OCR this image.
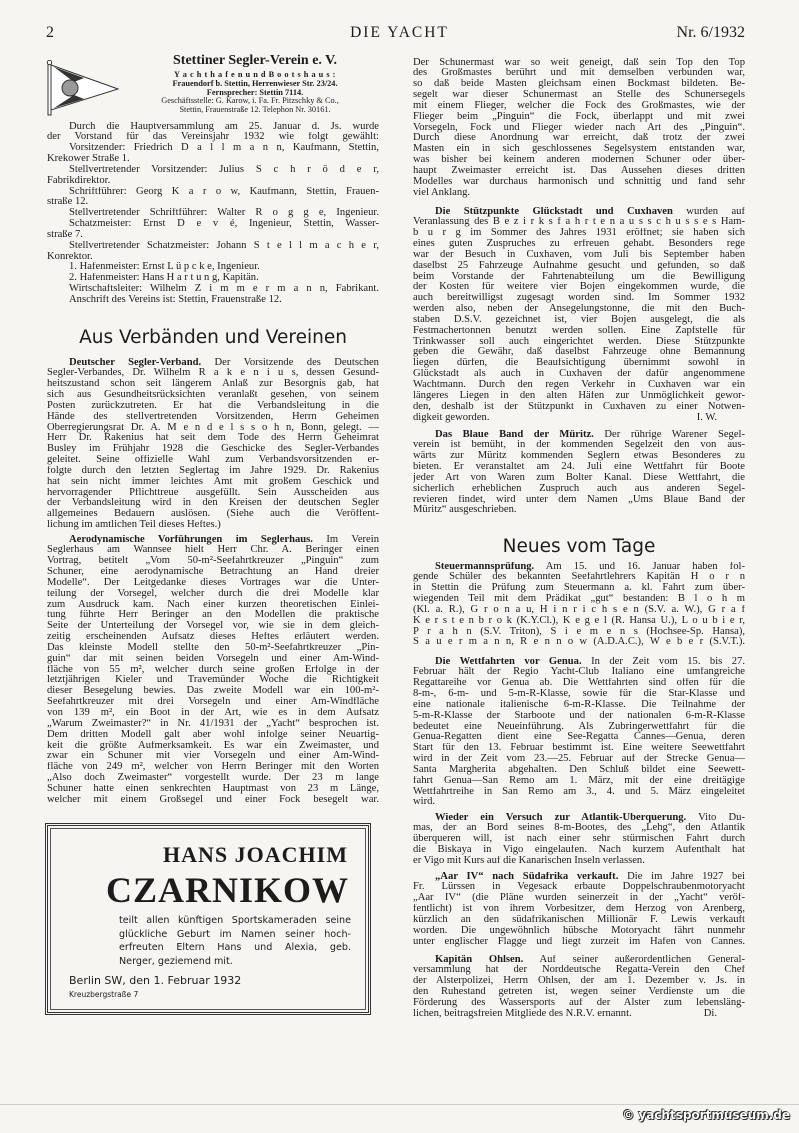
2	DIE YACHT	Nr. 6/1932
Stettiner Segler-Verein e. V.
Y a c h t h a f e n u n d B o o t s h a u s :
Frauendorf b. Stettin, Herrenwieser Str. 23/24.
Fernsprecher: Stettin 7114.
Geschäftsstelle: G. Karow, i. Fa. Fr. Pitzschky & Co.,
Stettin, Frauenstraße 12. Telephon Nr. 30161.
Durch die Hauptversammlung am 25. Januar d. Js. wurde
der Vorstand für das Vereinsjahr 1932 wie folgt gewählt:
Vorsitzender: Friedrich D a l l m a n n, Kaufmann, Stettin,
Krekower Straße 1.
Stellvertretender Vorsitzender: Julius S c h r ö d e r,
Fabrikdirektor.
Schriftführer: Georg K a r o w, Kaufmann, Stettin, Frauen-
straße 12.
Stellvertretender Schriftführer: Walter R o g g e, Ingenieur.
Schatzmeister: Ernst D e v é, Ingenieur, Stettin, Wasser-
straße 7.
Stellvertretender Schatzmeister: Johann S t e l l m a c h e r,
Konrektor.
1. Hafenmeister: Ernst L ü p c k e, Ingenieur.
2. Hafenmeister: Hans H a r t u n g, Kapitän.
Wirtschaftsleiter: Wilhelm Z i m m e r m a n n, Fabrikant.
Anschrift des Vereins ist: Stettin, Frauenstraße 12.
Aus Verbänden und Vereinen
Deutscher Segler-Verband. Der Vorsitzende des Deutschen
Segler-Verbandes, Dr. Wilhelm R a k e n i u s, dessen Gesund-
heitszustand schon seit längerem Anlaß zur Besorgnis gab, hat
sich aus Gesundheitsrücksichten veranlaßt gesehen, von seinem
Posten zurückzutreten. Er hat die Verbandsleitung in die
Hände des stellvertretenden Vorsitzenden, Herrn Geheimen
Oberregierungsrat Dr. A. M e n d e l s s o h n, Bonn, gelegt. —
Herr Dr. Rakenius hat seit dem Tode des Herrn Geheimrat
Busley im Frühjahr 1928 die Geschicke des Segler-Verbandes
geleitet. Seine offizielle Wahl zum Verbandsvorsitzenden er-
folgte durch den letzten Seglertag im Jahre 1929. Dr. Rakenius
hat sein nicht immer leichtes Amt mit großem Geschick und
hervorragender Pflichttreue ausgefüllt. Sein Ausscheiden aus
der Verbandsleitung wird in den Kreisen der deutschen Segler
allgemeines Bedauern auslösen. (Siehe auch die Veröffent-
lichung im amtlichen Teil dieses Heftes.)
Aerodynamische Vorführungen im Seglerhaus. Im Verein
Seglerhaus am Wannsee hielt Herr Chr. A. Beringer einen
Vortrag, betitelt „Vom 50-m²-Seefahrtkreuzer „Pinguin“ zum
Schuner, eine aerodynamische Betrachtung an Hand dreier
Modelle“. Der Leitgedanke dieses Vortrages war die Unter-
teilung der Vorsegel, welcher durch die drei Modelle klar
zum Ausdruck kam. Nach einer kurzen theoretischen Einlei-
tung führte Herr Beringer an den Modellen die praktische
Seite der Unterteilung der Vorsegel vor, wie sie in dem gleich-
zeitig erscheinenden Aufsatz dieses Heftes erläutert werden.
Das kleinste Modell stellte den 50-m²-Seefahrtkreuzer „Pin-
guin“ dar mit seinen beiden Vorsegeln und einer Am-Wind-
fläche von 55 m², welcher durch seine großen Erfolge in der
letztjährigen Kieler und Travemünder Woche die Richtigkeit
dieser Besegelung bewies. Das zweite Modell war ein 100-m²-
Seefahrtkreuzer mit drei Vorsegeln und einer Am-Windfläche
von 139 m², ein Boot in der Art, wie es in dem Aufsatz
„Warum Zweimaster?“ in Nr. 41/1931 der „Yacht“ besprochen ist.
Dem dritten Modell galt aber wohl infolge seiner Neuartig-
keit die größte Aufmerksamkeit. Es war ein Zweimaster, und
zwar ein Schuner mit vier Vorsegeln und einer Am-Wind-
fläche von 249 m², welcher von Herrn Beringer mit den Worten
„Also doch Zweimaster“ vorgestellt wurde. Der 23 m lange
Schuner hatte einen senkrechten Hauptmast von 23 m Länge,
welcher mit einem Großsegel und einer Fock besegelt war.
HANS JOACHIM
CZARNIKOW
teilt allen künftigen Sportskameraden seine
glückliche Geburt im Namen seiner hoch-
erfreuten Eltern Hans und Alexia, geb.
Nerger, geziemend mit.
Berlin SW, den 1. Februar 1932
Kreuzbergstraße 7
Der Schunermast war so weit geneigt, daß sein Top den Top
des Großmastes berührt und mit demselben verbunden war,
so daß beide Masten gleichsam einen Bockmast bildeten. Be-
segelt war dieser Schunermast an Stelle des Schunersegels
mit einem Flieger, welcher die Fock des Großmastes, wie der
Flieger beim „Pinguin“ die Fock, überlappt und mit zwei
Vorsegeln, Fock und Flieger wieder nach Art des „Pinguin“.
Durch diese Anordnung war erreicht, daß trotz der zwei
Masten ein in sich geschlossenes Segelsystem entstanden war,
was bisher bei keinem anderen modernen Schuner oder über-
haupt Zweimaster erreicht ist. Das Aussehen dieses dritten
Modelles war durchaus harmonisch und schnittig und fand sehr
viel Anklang.
Die Stützpunkte Glückstadt und Cuxhaven wurden auf
Veranlassung des B e z i r k s f a h r t e n a u s s c h u s s e s Ham-
b u r g im Sommer des Jahres 1931 eröffnet; sie haben sich
eines guten Zuspruches zu erfreuen gehabt. Besonders rege
war der Besuch in Cuxhaven, vom Juli bis September haben
daselbst 25 Fahrzeuge Aufnahme gesucht und gefunden, so daß
beim Vorstande der Fahrtenabteilung um die Bewilligung
der Kosten für weitere vier Bojen eingekommen wurde, die
auch bereitwilligst zugesagt worden sind. Im Sommer 1932
werden also, neben der Ansegelungstonne, die mit den Buch-
staben D.S.V. gezeichnet ist, vier Bojen ausgelegt, die als
Festmachertonnen benutzt werden sollen. Eine Zapfstelle für
Trinkwasser soll auch eingerichtet werden. Diese Stützpunkte
geben die Gewähr, daß daselbst Fahrzeuge ohne Bemannung
liegen dürfen, die Beaufsichtigung übernimmt sowohl in
Glückstadt als auch in Cuxhaven der dafür angenommene
Wachtmann. Durch den regen Verkehr in Cuxhaven war ein
längeres Liegen in den alten Häfen zur Unmöglichkeit gewor-
den, deshalb ist der Stützpunkt in Cuxhaven zu einer Notwen-
I. W.
digkeit geworden.
Das Blaue Band der Müritz. Der rührige Warener Segel-
verein ist bemüht, in der kommenden Segelzeit den von aus-
wärts zur Müritz kommenden Seglern etwas Besonderes zu
bieten. Er veranstaltet am 24. Juli eine Wettfahrt für Boote
jeder Art von Waren zum Bolter Kanal. Diese Wettfahrt, die
sicherlich erheblichen Zuspruch auch aus anderen Segel-
revieren findet, wird unter dem Namen „Ums Blaue Band der
Müritz“ ausgeschrieben.
Neues vom Tage
Steuermannsprüfung. Am 15. und 16. Januar haben fol-
gende Schüler des bekannten Seefahrtlehrers Kapitän H o r n
in Stettin die Prüfung zum Steuermann a. kl. Fahrt zum über-
wiegenden Teil mit dem Prädikat „gut“ bestanden: B l o h m
(Kl. a. R.), G r o n a u, H i n r i c h s e n (S.V. a. W.), G r a f
K e r s t e n b r o k (K.Y.Cl.), K e g e l (R. Hansa U.), L o u b i e r,
P r a h n (S.V. Triton), S i e m e n s (Hochsee-Sp. Hansa),
S a u e r m a n n, R e n n o w (A.D.A.C.), W e b e r (S.V.T.).
Die Wettfahrten vor Genua. In der Zeit vom 15. bis 27.
Februar hält der Regio Yacht-Club Italiano eine umfangreiche
Regattareihe vor Genua ab. Die Wettfahrten sind offen für die
8-m-, 6-m- und 5-m-R-Klasse, sowie für die Star-Klasse und
eine nationale italienische 6-m-R-Klasse. Die Teilnahme der
5-m-R-Klasse der Starboote und der nationalen 6-m-R-Klasse
bedeutet eine Neueinführung. Als Zubringerwettfahrt für die
Genua-Regatten dient eine See-Regatta Cannes—Genua, deren
Start für den 13. Februar bestimmt ist. Eine weitere Seewettfahrt
wird in der Zeit vom 23.—25. Februar auf der Strecke Genua—
Santa Margherita abgehalten. Den Schluß bildet eine Seewett-
fahrt Genua—San Remo am 1. März, mit der eine dreitägige
Wettfahrtreihe in San Remo am 3., 4. und 5. März eingeleitet
wird.
Wieder ein Versuch zur Atlantik-Überquerung. Vito Du-
mas, der an Bord seines 8-m-Bootes, des „Lehg“, den Atlantik
überqueren will, ist nach einer sehr stürmischen Fahrt durch
die Biskaya in Vigo eingelaufen. Nach kurzem Aufenthalt hat
er Vigo mit Kurs auf die Kanarischen Inseln verlassen.
„Aar IV“ nach Südafrika verkauft. Die im Jahre 1927 bei
Fr. Lürssen in Vegesack erbaute Doppelschraubenmotoryacht
„Aar IV“ (die Pläne wurden seinerzeit in der „Yacht“ veröf-
fentlicht) ist von ihrem Vorbesitzer, dem Herzog von Arenberg,
kürzlich an den südafrikanischen Millionär F. Lewis verkauft
worden. Die ungewöhnlich hübsche Motoryacht fährt nunmehr
unter englischer Flagge und liegt zurzeit im Hafen von Cannes.
Kapitän Ohlsen. Auf seiner außerordentlichen General-
versammlung hat der Norddeutsche Regatta-Verein den Chef
der Alsterpolizei, Herrn Ohlsen, der am 1. Dezember v. Js. in
den Ruhestand getreten ist, wegen seiner Verdienste um die
Förderung des Wassersports auf der Alster zum lebensläng-
Di.
lichen, beitragsfreien Mitgliede des N.R.V. ernannt.
© yachtsportmuseum.de
